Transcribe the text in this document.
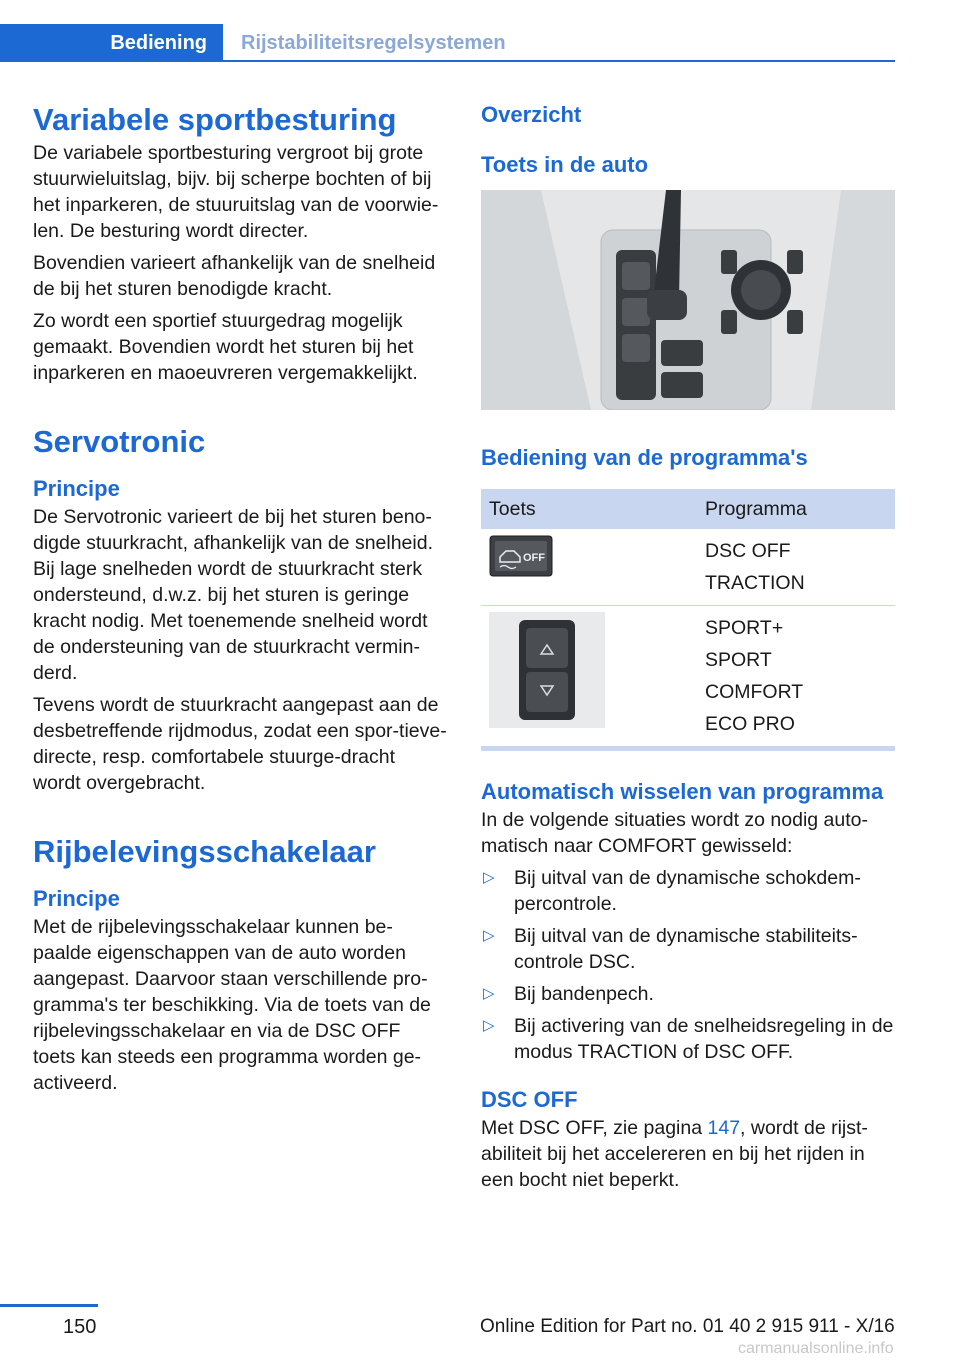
Bediening	Rijstabiliteitsregelsystemen
Variabele sportbesturing

De variabele sportbesturing vergroot bij grote stuurwieluitslag, bijv. bij scherpe bochten of bij het inparkeren, de stuuruitslag van de voorwie-len. De besturing wordt directer.

Bovendien varieert afhankelijk van de snelheid de bij het sturen benodigde kracht.

Zo wordt een sportief stuurgedrag mogelijk gemaakt. Bovendien wordt het sturen bij het inparkeren en maoeuvreren vergemakkelijkt.

Servotronic
Principe

De Servotronic varieert de bij het sturen beno-digde stuurkracht, afhankelijk van de snelheid. Bij lage snelheden wordt de stuurkracht sterk ondersteund, d.w.z. bij het sturen is geringe kracht nodig. Met toenemende snelheid wordt de ondersteuning van de stuurkracht vermin-derd.

Tevens wordt de stuurkracht aangepast aan de desbetreffende rijdmodus, zodat een spor-tieve-directe, resp. comfortabele stuurge-dracht wordt overgebracht.

Rijbelevingsschakelaar
Principe

Met de rijbelevingsschakelaar kunnen be-paalde eigenschappen van de auto worden aangepast. Daarvoor staan verschillende pro-gramma's ter beschikking. Via de toets van de rijbelevingsschakelaar en via de DSC OFF toets kan steeds een programma worden ge-activeerd.

Overzicht
Toets in de auto
Bediening van de programma's
Toets	Programma

OFF	DSC OFF
TRACTION

SPORT+
SPORT
COMFORT
ECO PRO
Automatisch wisselen van programma

In de volgende situaties wordt zo nodig auto-matisch naar COMFORT gewisseld:

▷ Bij uitval van de dynamische schokdem-percontrole.
▷ Bij uitval van de dynamische stabiliteits-controle DSC.
▷ Bij bandenpech.
▷ Bij activering van de snelheidsregeling in de modus TRACTION of DSC OFF.
DSC OFF

Met DSC OFF, zie pagina 147, wordt de rijst-abiliteit bij het accelereren en bij het rijden in een bocht niet beperkt.

150	Online Edition for Part no. 01 40 2 915 911 - X/16
carmanualsonline.info
